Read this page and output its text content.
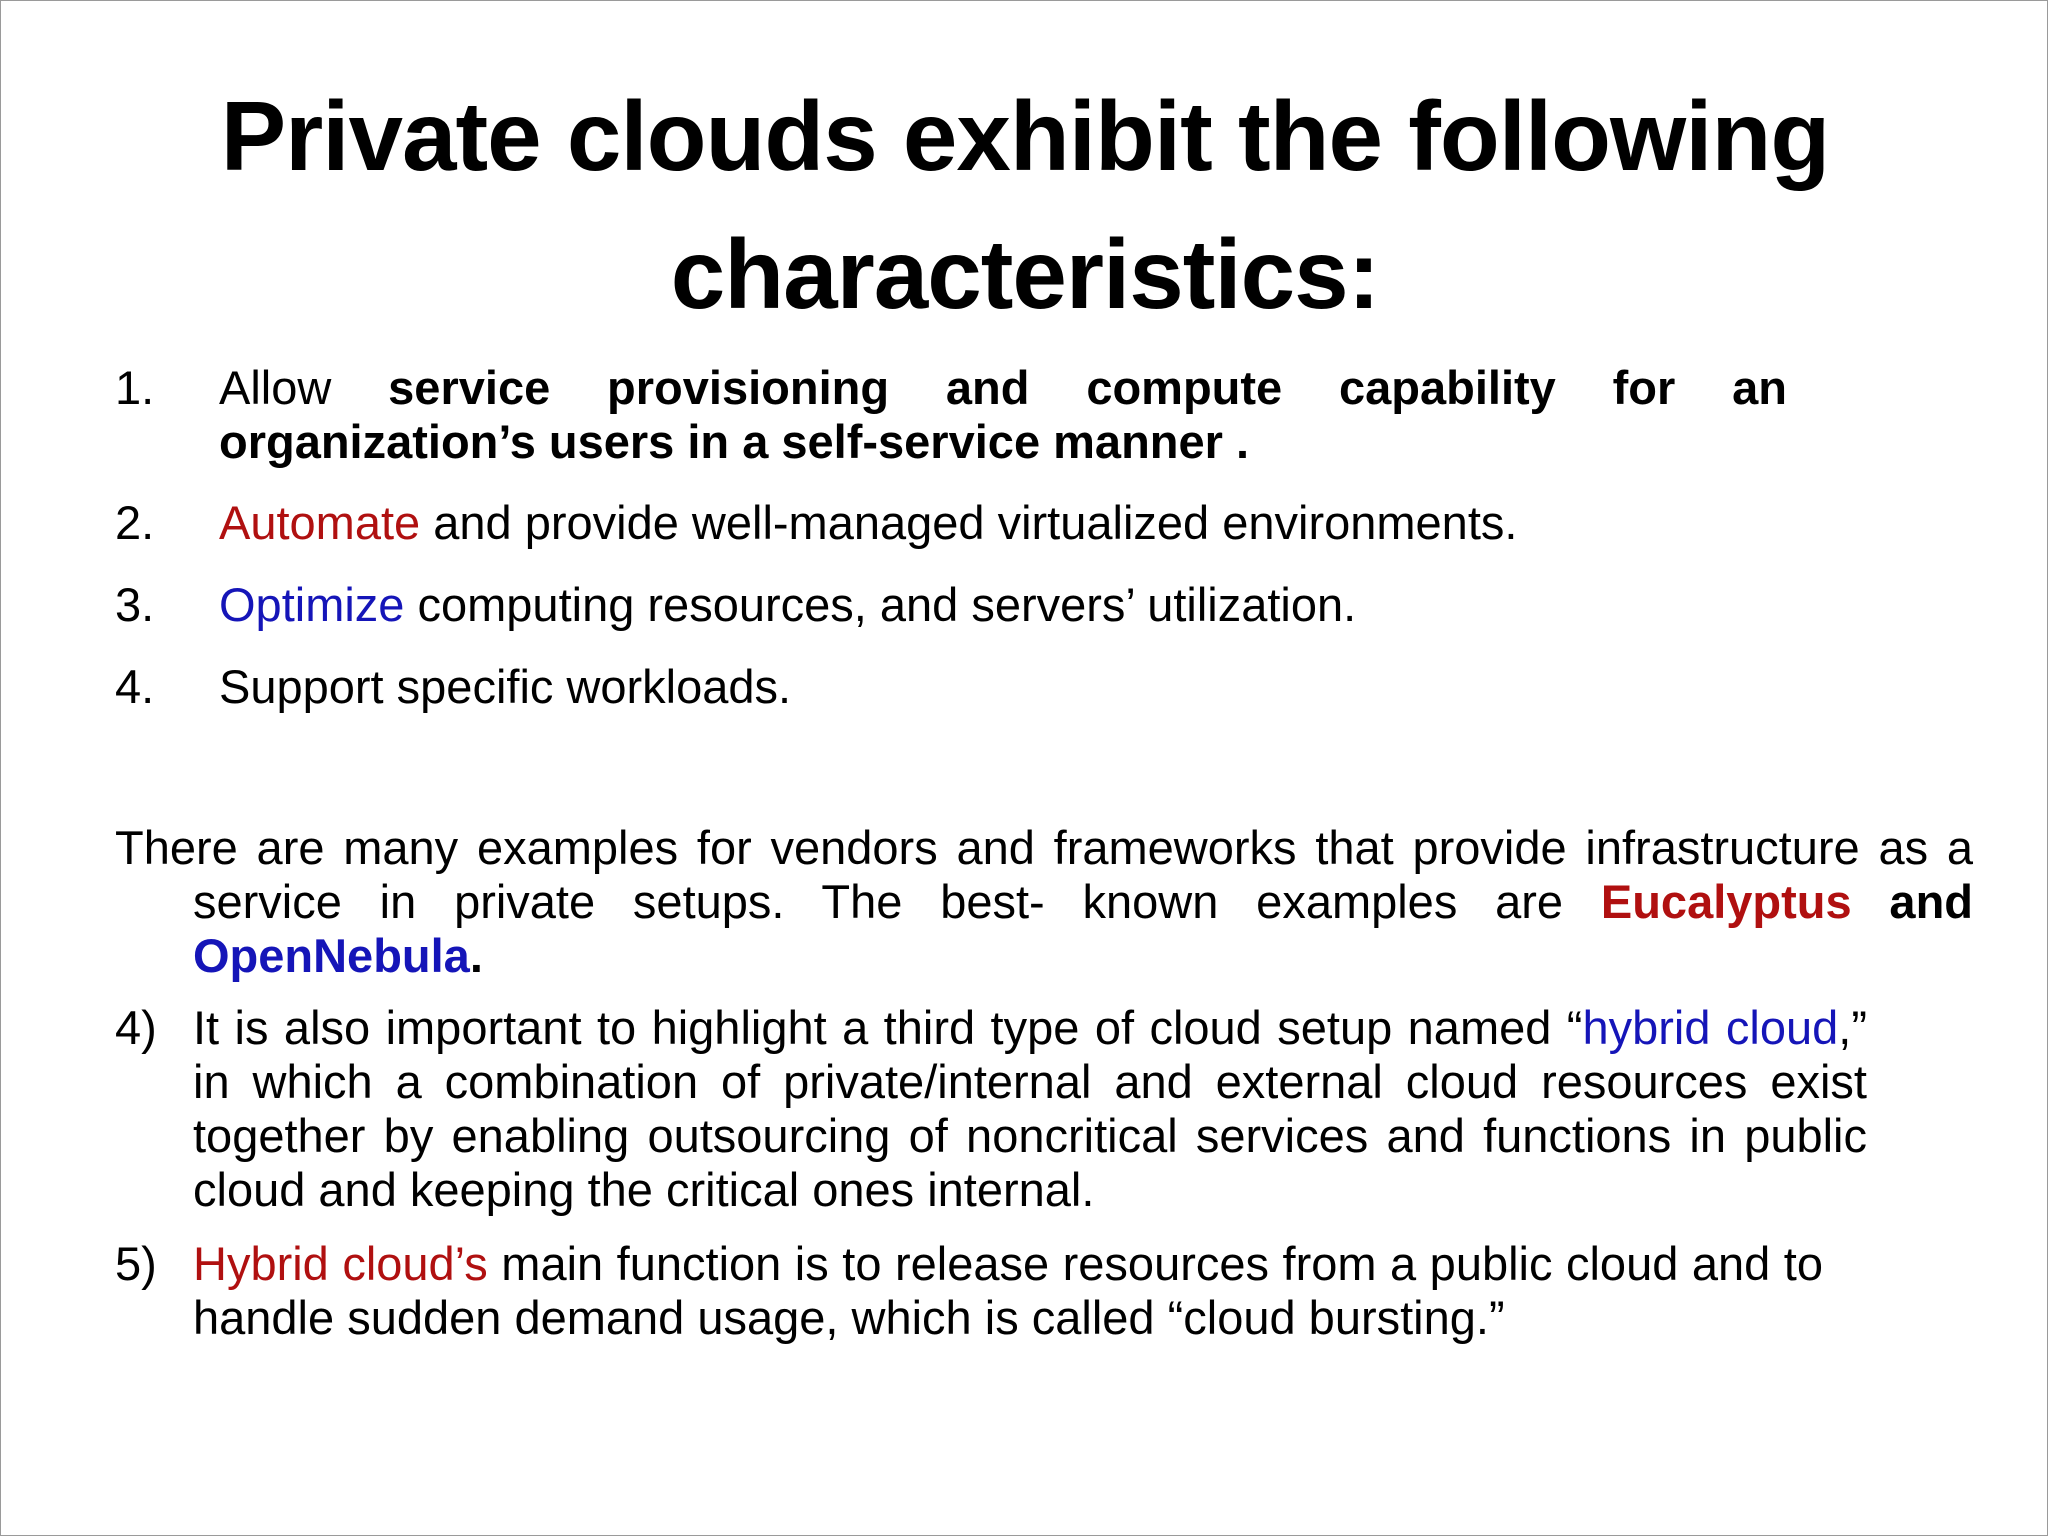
Private clouds exhibit the following characteristics:
1. Allow service provisioning and compute capability for an organization’s users in a self-service manner .
2. Automate and provide well-managed virtualized environments.
3. Optimize computing resources, and servers’ utilization.
4. Support specific workloads.
There are many examples for vendors and frameworks that provide infrastructure as a service in private setups. The best- known examples are Eucalyptus and OpenNebula.
4) It is also important to highlight a third type of cloud setup named “hybrid cloud,” in which a combination of private/internal and external cloud resources exist together by enabling outsourcing of noncritical services and functions in public cloud and keeping the critical ones internal.
5) Hybrid cloud’s main function is to release resources from a public cloud and to handle sudden demand usage, which is called “cloud bursting.”
